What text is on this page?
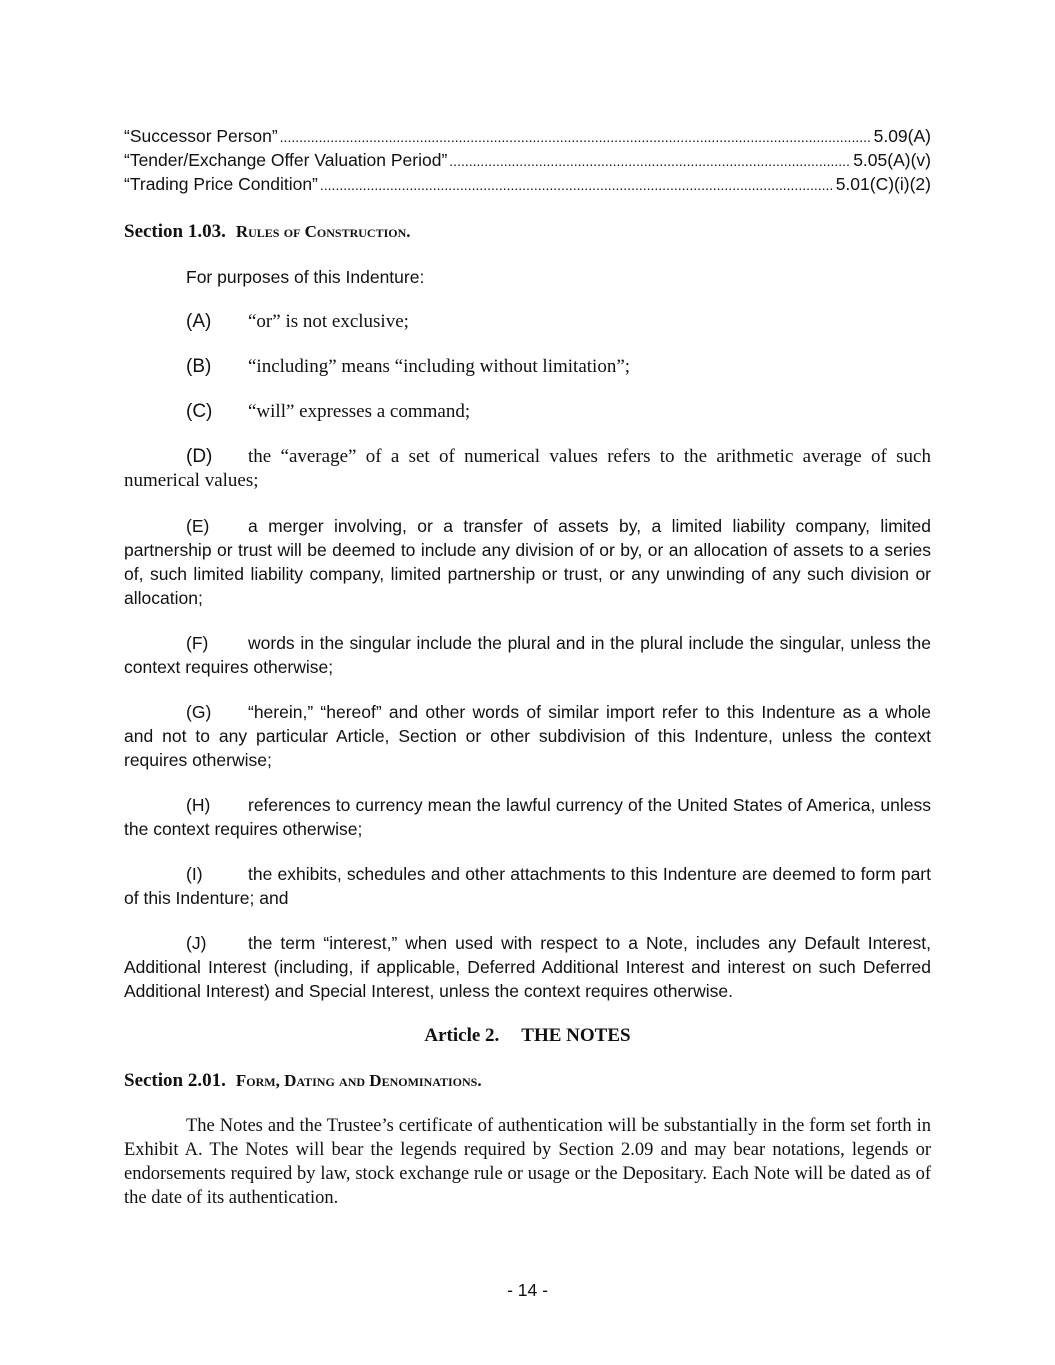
“Successor Person” .....	5.09(A)
“Tender/Exchange Offer Valuation Period” .....	5.05(A)(v)
“Trading Price Condition” .....	5.01(C)(i)(2)
Section 1.03. Rules of Construction.
For purposes of this Indenture:
(A) “or” is not exclusive;
(B) “including” means “including without limitation”;
(C) “will” expresses a command;
(D) the “average” of a set of numerical values refers to the arithmetic average of such numerical values;
(E) a merger involving, or a transfer of assets by, a limited liability company, limited partnership or trust will be deemed to include any division of or by, or an allocation of assets to a series of, such limited liability company, limited partnership or trust, or any unwinding of any such division or allocation;
(F) words in the singular include the plural and in the plural include the singular, unless the context requires otherwise;
(G) “herein,” “hereof” and other words of similar import refer to this Indenture as a whole and not to any particular Article, Section or other subdivision of this Indenture, unless the context requires otherwise;
(H) references to currency mean the lawful currency of the United States of America, unless the context requires otherwise;
(I)	the exhibits, schedules and other attachments to this Indenture are deemed to form part of this Indenture; and
(J) the term “interest,” when used with respect to a Note, includes any Default Interest, Additional Interest (including, if applicable, Deferred Additional Interest and interest on such Deferred Additional Interest) and Special Interest, unless the context requires otherwise.
Article 2. THE NOTES
Section 2.01. Form, Dating and Denominations.
The Notes and the Trustee’s certificate of authentication will be substantially in the form set forth in Exhibit A. The Notes will bear the legends required by Section 2.09 and may bear notations, legends or endorsements required by law, stock exchange rule or usage or the Depositary. Each Note will be dated as of the date of its authentication.
- 14 -
